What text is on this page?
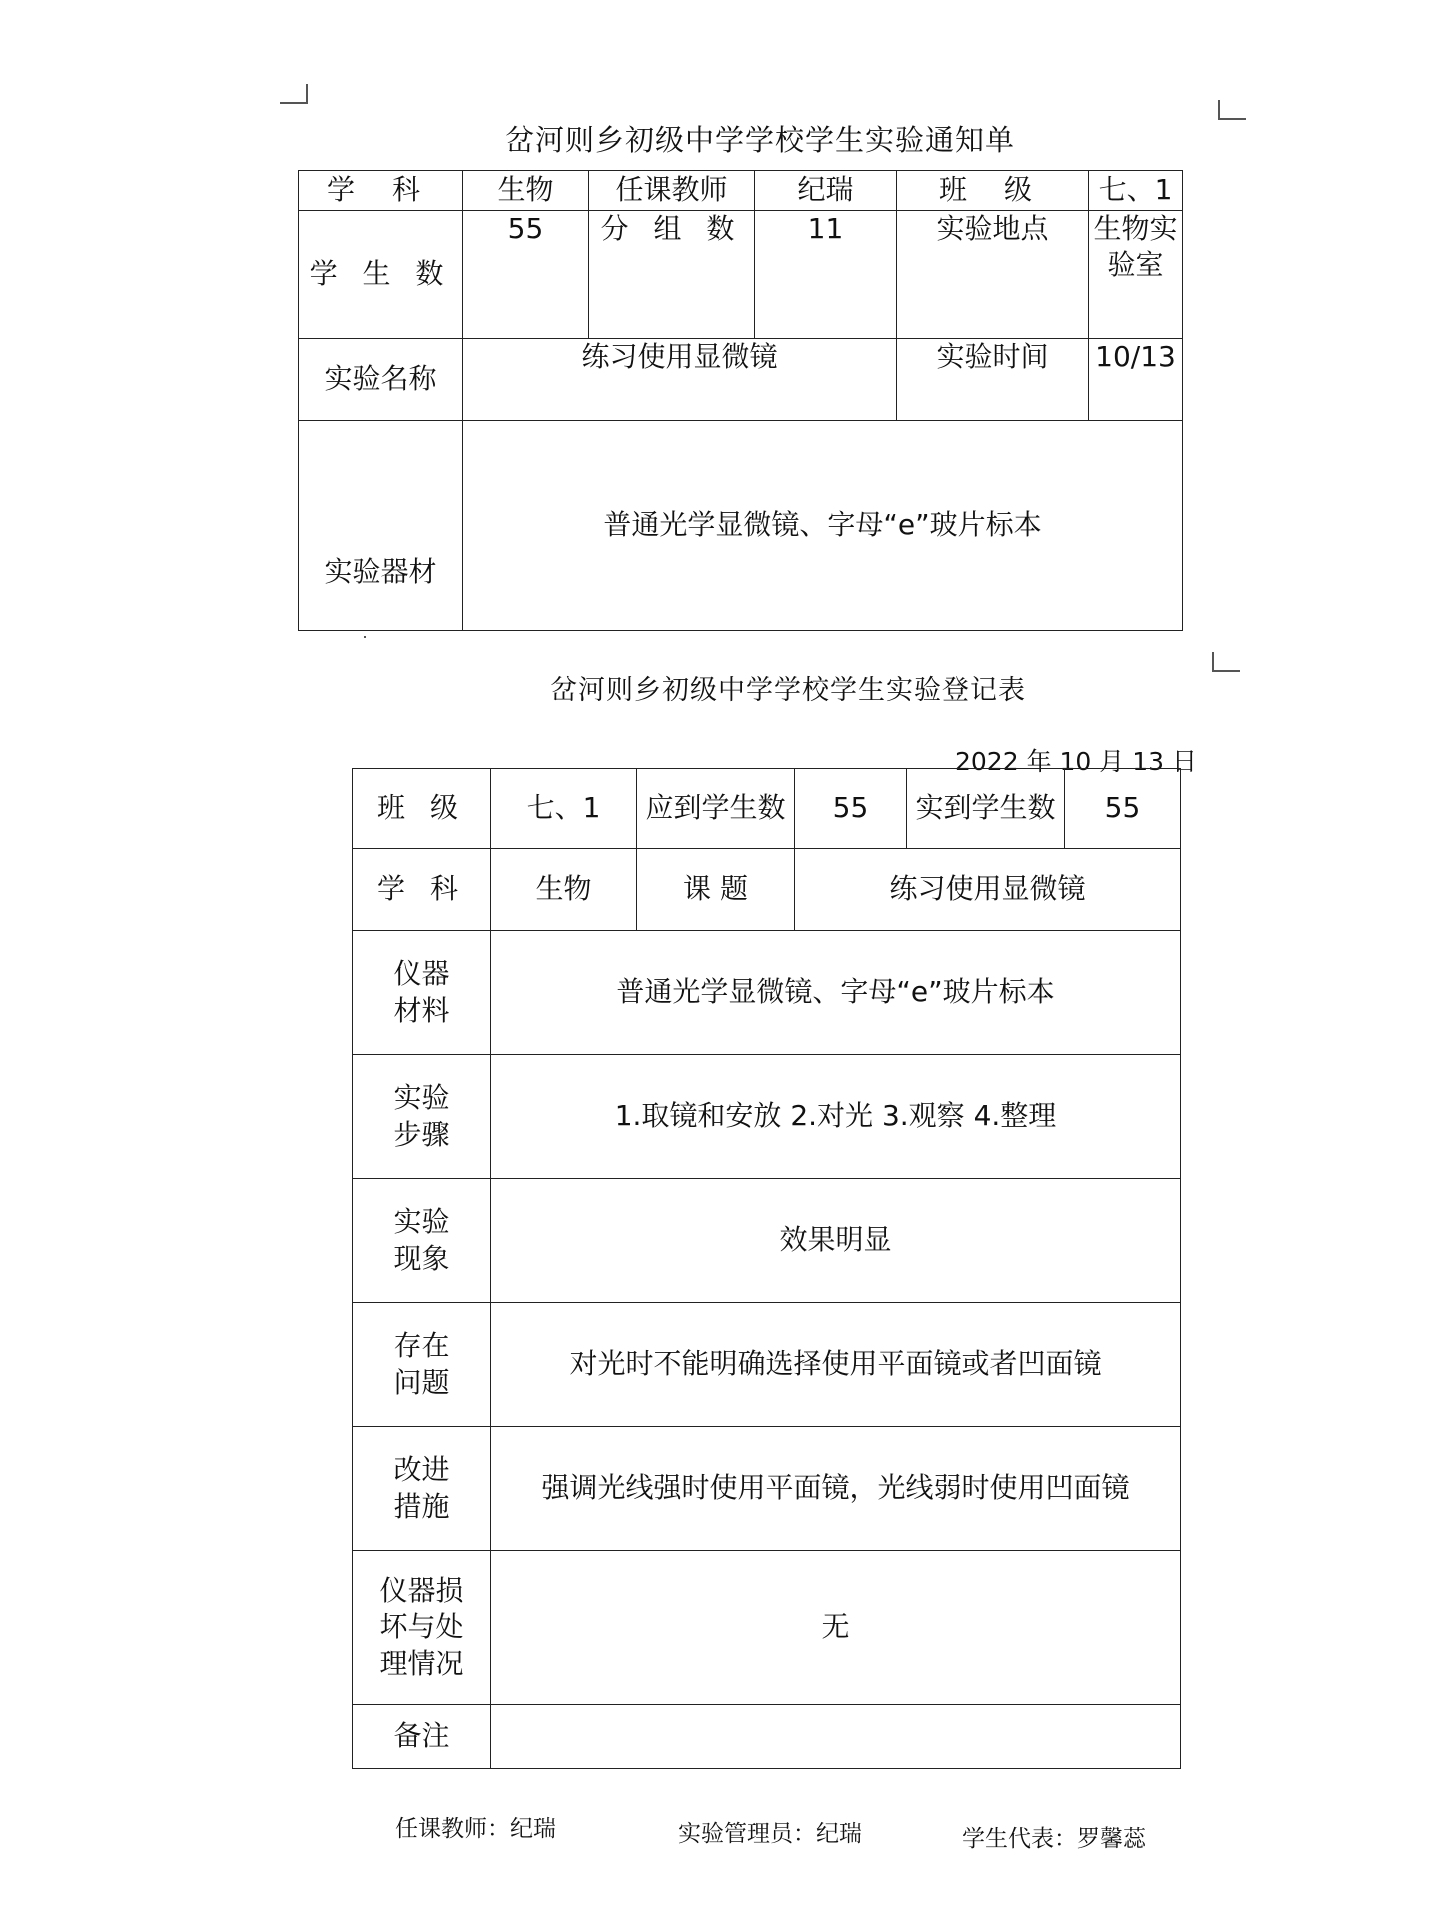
岔河则乡初级中学学校学生实验通知单
学 科	生物	任课教师	纪瑞	班 级	七、1
学 生 数	55	分 组 数	11	实验地点	生物实验室
实验名称	练习使用显微镜			实验时间	10/13
实验器材	普通光学显微镜、字母“e”玻片标本				
岔河则乡初级中学学校学生实验登记表
2022 年 10 月 13 日
班 级	七、1	应到学生数	55	实到学生数	55
学 科	生物	课 题	练习使用显微镜		

仪器
材料	普通光学显微镜、字母“e”玻片标本				

实验
步骤	1.取镜和安放 2.对光 3.观察 4.整理				

实验
现象	效果明显				

存在
问题	对光时不能明确选择使用平面镜或者凹面镜				

改进
措施	强调光线强时使用平面镜，光线弱时使用凹面镜				

仪器损
坏与处
理情况	无				
备注					
任课教师：纪瑞	实验管理员：纪瑞	学生代表：罗馨蕊
